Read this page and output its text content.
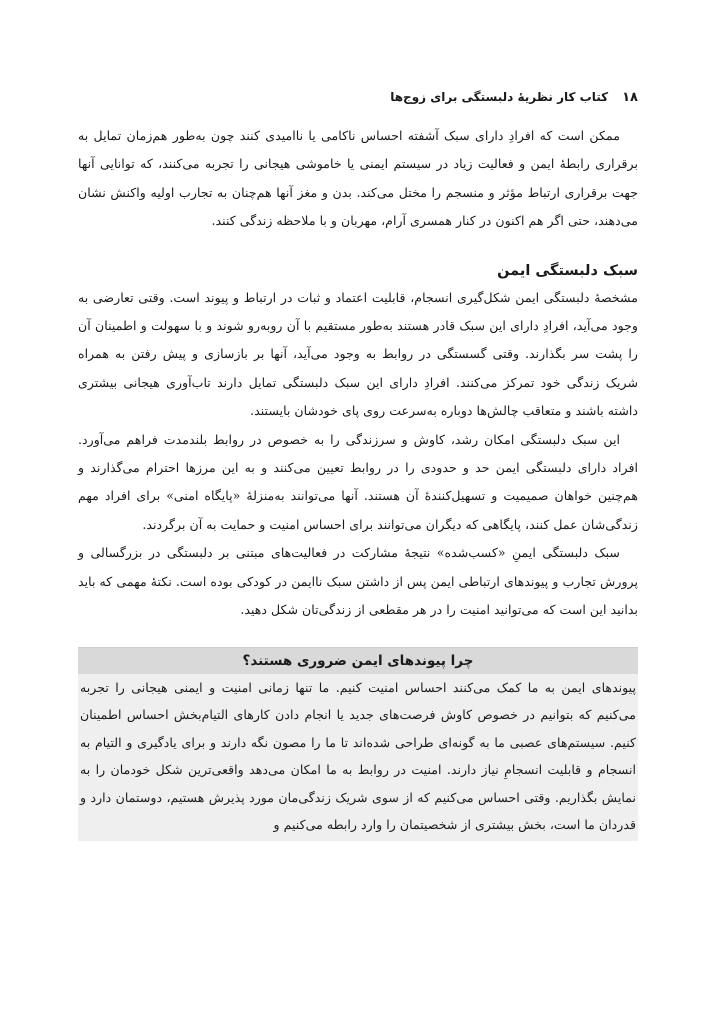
۱۸
کتاب کار نظریهٔ دلبستگی برای زوج‌ها

ممکن است که افرادِ دارای سبک آشفته احساس ناکامی یا ناامیدی کنند چون به‌طور هم‌زمان تمایل به برقراری رابطهٔ ایمن و فعالیت زیاد در سیستم ایمنی یا خاموشی هیجانی را تجربه می‌کنند، که توانایی آنها جهت برقراری ارتباط مؤثر و منسجم را مختل می‌کند. بدن و مغز آنها هم‌چنان به تجارب اولیه واکنش نشان می‌دهند، حتی اگر هم اکنون در کنار همسری آرام، مهربان و با ملاحظه زندگی کنند.

سبک دلبستگی ایمن

مشخصهٔ دلبستگی ایمن شکل‌گیری انسجام، قابلیت اعتماد و ثبات در ارتباط و پیوند است. وقتی تعارضی به وجود می‌آید، افرادِ دارای این سبک قادر هستند به‌طور مستقیم با آن روبه‌رو شوند و با سهولت و اطمینان آن را پشت سر بگذارند. وقتی گسستگی در روابط به وجود می‌آید، آنها بر بازسازی و پیش رفتن به همراه شریک زندگی خود تمرکز می‌کنند. افرادِ دارای این سبک دلبستگی تمایل دارند تاب‌آوری هیجانی بیشتری داشته باشند و متعاقب چالش‌ها دوباره به‌سرعت روی پای خودشان بایستند.

این سبک دلبستگی امکان رشد، کاوش و سرزندگی را به خصوص در روابط بلندمدت فراهم می‌آورد. افراد دارای دلبستگی ایمن حد و حدودی را در روابط تعیین می‌کنند و به این مرزها احترام می‌گذارند و هم‌چنین خواهان صمیمیت و تسهیل‌کنندهٔ آن هستند. آنها می‌توانند به‌منزلهٔ «پایگاه امنی» برای افراد مهم زندگی‌شان عمل کنند، پایگاهی که دیگران می‌توانند برای احساس امنیت و حمایت به آن برگردند.

سبک دلبستگی ایمنِ «کسب‌شده» نتیجهٔ مشارکت در فعالیت‌های مبتنی بر دلبستگی در بزرگسالی و پرورش تجارب و پیوندهای ارتباطی ایمن پس از داشتن سبک ناایمن در کودکی بوده است. نکتهٔ مهمی که باید بدانید این است که می‌توانید امنیت را در هر مقطعی از زندگی‌تان شکل دهید.

چرا پیوندهای ایمن ضروری هستند؟

پیوندهای ایمن به ما کمک می‌کنند احساس امنیت کنیم. ما تنها زمانی امنیت و ایمنی هیجانی را تجربه می‌کنیم که بتوانیم در خصوص کاوش فرصت‌های جدید یا انجام دادن کارهای التیام‌بخش احساس اطمینان کنیم. سیستم‌های عصبی ما به گونه‌ای طراحی شده‌اند تا ما را مصون نگه دارند و برای یادگیری و التیام به انسجام و قابلیت انسجامِ نیاز دارند. امنیت در روابط به ما امکان می‌دهد واقعی‌ترین شکل خودمان را به نمایش بگذاریم. وقتی احساس می‌کنیم که از سوی شریک زندگی‌مان مورد پذیرش هستیم، دوستمان دارد و قدردان ما است، بخش بیشتری از شخصیتمان را وارد رابطه می‌کنیم و
